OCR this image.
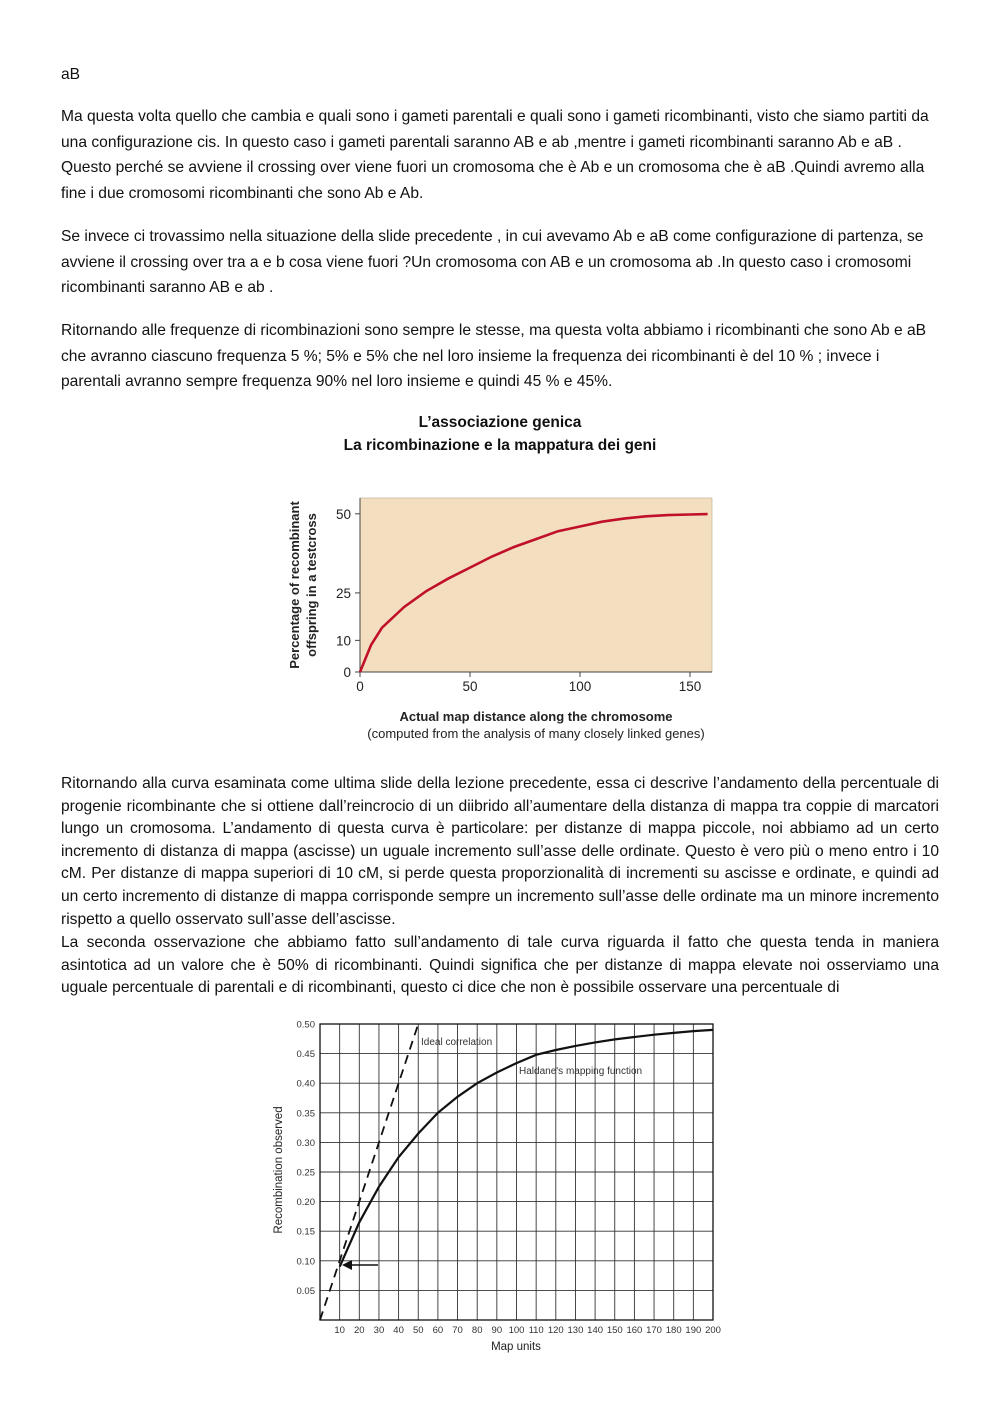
aB

Ma questa volta quello che cambia e quali sono i gameti parentali e quali sono i gameti ricombinanti, visto che siamo partiti da una configurazione cis. In questo caso i gameti parentali saranno AB e ab ,mentre i gameti ricombinanti saranno Ab e aB . Questo perché se avviene il crossing over viene fuori un cromosoma che è Ab e un cromosoma che è aB .Quindi avremo alla fine i due cromosomi ricombinanti che sono Ab e Ab.

Se invece ci trovassimo nella situazione della slide precedente , in cui avevamo Ab e aB come configurazione di partenza, se avviene il crossing over tra a e b cosa viene fuori ?Un cromosoma con AB e un cromosoma ab .In questo caso i cromosomi ricombinanti saranno AB e ab .

Ritornando alle frequenze di ricombinazioni sono sempre le stesse, ma questa volta abbiamo i ricombinanti che sono Ab e aB che avranno ciascuno frequenza 5 %; 5% e 5% che nel loro insieme la frequenza dei ricombinanti è del 10 % ; invece i parentali avranno sempre frequenza 90% nel loro insieme e quindi 45 % e 45%.

L’associazione genica
La ricombinazione e la mappatura dei geni
0
10
25
50
0	50	100	150
Percentage of recombinant offspring in a testcross
Actual map distance along the chromosome
(computed from the analysis of many closely linked genes)

Ritornando alla curva esaminata come ultima slide della lezione precedente, essa ci descrive l’andamento della percentuale di progenie ricombinante che si ottiene dall’reincrocio di un diibrido all’aumentare della distanza di mappa tra coppie di marcatori lungo un cromosoma. L’andamento di questa curva è particolare: per distanze di mappa piccole, noi abbiamo ad un certo incremento di distanza di mappa (ascisse) un uguale incremento sull’asse delle ordinate. Questo è vero più o meno entro i 10 cM. Per distanze di mappa superiori di 10 cM, si perde questa proporzionalità di incrementi su ascisse e ordinate, e quindi ad un certo incremento di distanze di mappa corrisponde sempre un incremento sull’asse delle ordinate ma un minore incremento rispetto a quello osservato sull’asse dell’ascisse.

La seconda osservazione che abbiamo fatto sull’andamento di tale curva riguarda il fatto che questa tenda in maniera asintotica ad un valore che è 50% di ricombinanti. Quindi significa che per distanze di mappa elevate noi osserviamo una uguale percentuale di parentali e di ricombinanti, questo ci dice che non è possibile osservare una percentuale di

0.05
0.10
0.15
0.20
0.25
0.30
0.35
0.40
0.45
0.50
10 20 30 40 50 60 70 80 90 100 110 120 130 140 150 160 170 180 190 200
Ideal correlation
Haldane's mapping function
Recombination observed
Map units
